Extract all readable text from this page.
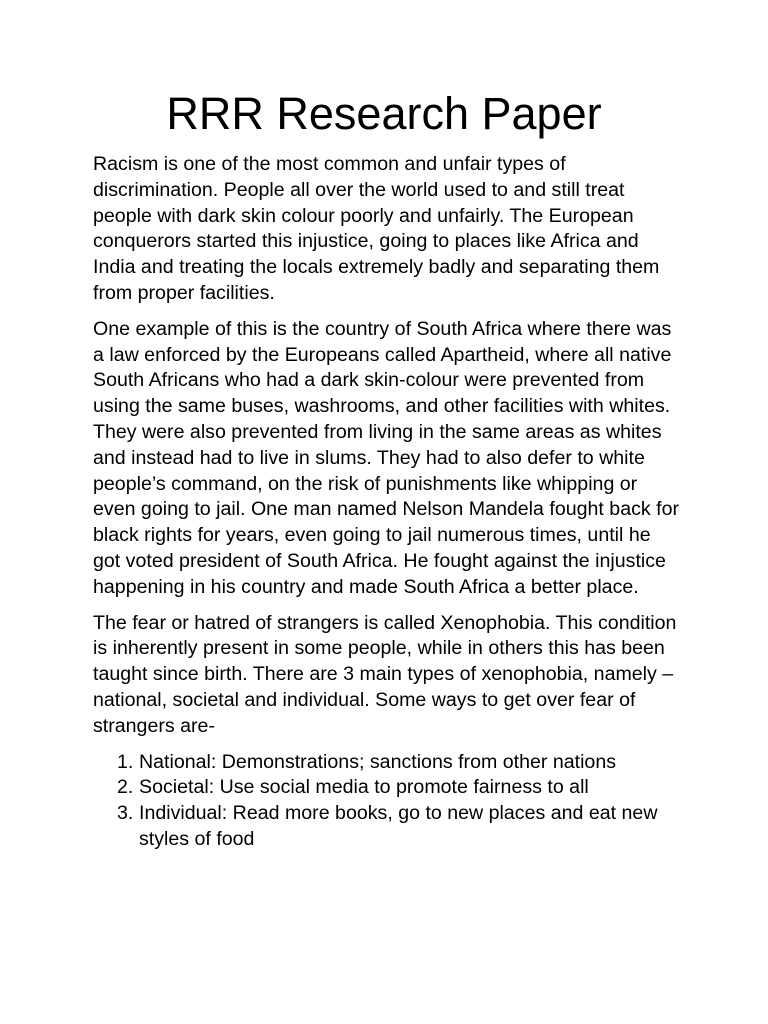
RRR Research Paper

Racism is one of the most common and unfair types of discrimination. People all over the world used to and still treat people with dark skin colour poorly and unfairly. The European conquerors started this injustice, going to places like Africa and India and treating the locals extremely badly and separating them from proper facilities.

One example of this is the country of South Africa where there was a law enforced by the Europeans called Apartheid, where all native South Africans who had a dark skin-colour were prevented from using the same buses, washrooms, and other facilities with whites. They were also prevented from living in the same areas as whites and instead had to live in slums. They had to also defer to white people’s command, on the risk of punishments like whipping or even going to jail. One man named Nelson Mandela fought back for black rights for years, even going to jail numerous times, until he got voted president of South Africa. He fought against the injustice happening in his country and made South Africa a better place.

The fear or hatred of strangers is called Xenophobia. This condition is inherently present in some people, while in others this has been taught since birth. There are 3 main types of xenophobia, namely – national, societal and individual. Some ways to get over fear of strangers are-

1. National: Demonstrations; sanctions from other nations
2. Societal: Use social media to promote fairness to all
3. Individual: Read more books, go to new places and eat new styles of food
